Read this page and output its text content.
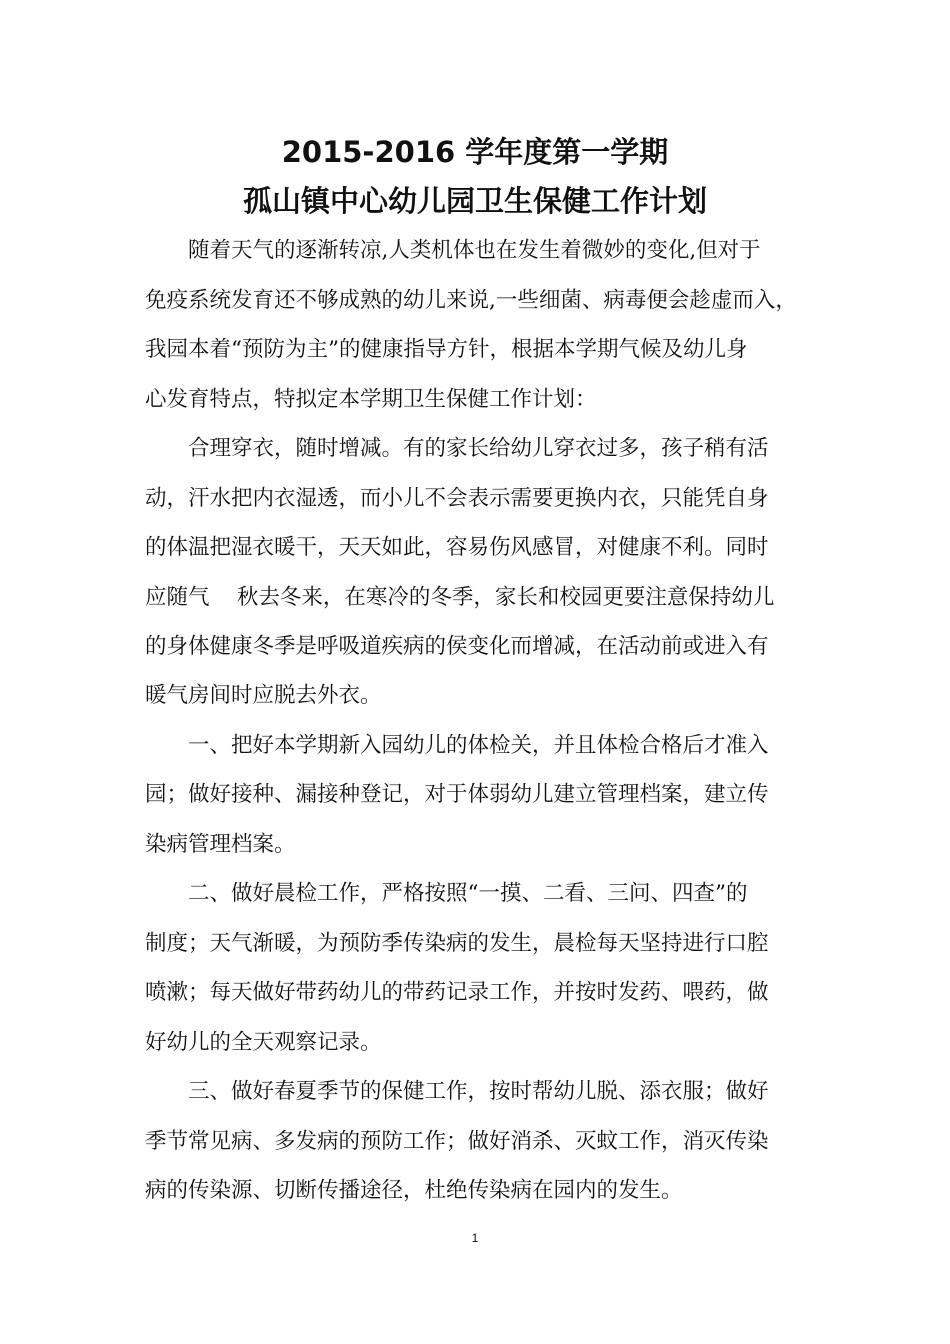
2015-2016 学年度第一学期
孤山镇中心幼儿园卫生保健工作计划
随着天气的逐渐转凉,人类机体也在发生着微妙的变化,但对于
免疫系统发育还不够成熟的幼儿来说,一些细菌、病毒便会趁虚而入，
我园本着“预防为主”的健康指导方针，根据本学期气候及幼儿身
心发育特点，特拟定本学期卫生保健工作计划：
合理穿衣，随时增减。有的家长给幼儿穿衣过多，孩子稍有活
动，汗水把内衣湿透，而小儿不会表示需要更换内衣，只能凭自身
的体温把湿衣暖干，天天如此，容易伤风感冒，对健康不利。同时
应随气    秋去冬来，在寒冷的冬季，家长和校园更要注意保持幼儿
的身体健康冬季是呼吸道疾病的侯变化而增减，在活动前或进入有
暖气房间时应脱去外衣。
一、把好本学期新入园幼儿的体检关，并且体检合格后才准入
园；做好接种、漏接种登记，对于体弱幼儿建立管理档案，建立传
染病管理档案。
二、做好晨检工作，严格按照“一摸、二看、三问、四查”的
制度；天气渐暖，为预防季传染病的发生，晨检每天坚持进行口腔
喷漱；每天做好带药幼儿的带药记录工作，并按时发药、喂药，做
好幼儿的全天观察记录。
三、做好春夏季节的保健工作，按时帮幼儿脱、添衣服；做好
季节常见病、多发病的预防工作；做好消杀、灭蚊工作，消灭传染
病的传染源、切断传播途径，杜绝传染病在园内的发生。
1
